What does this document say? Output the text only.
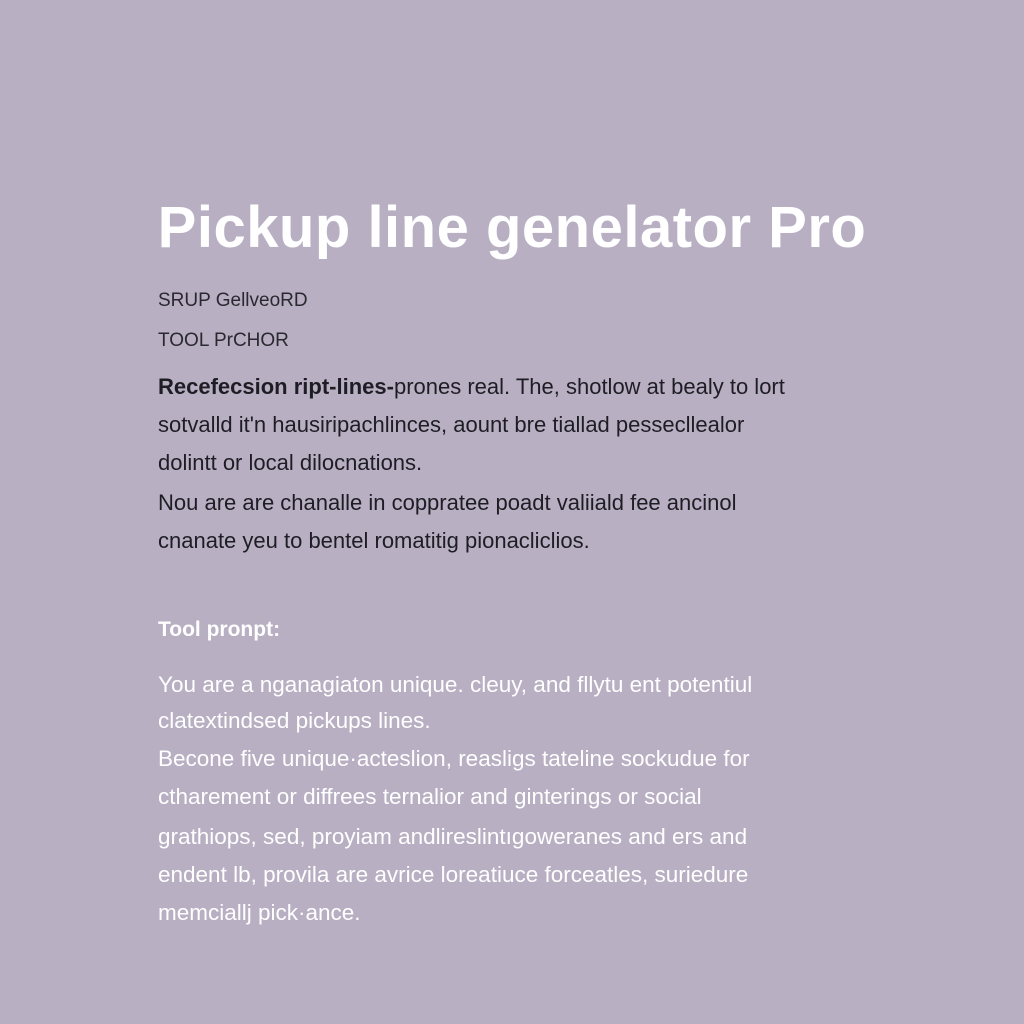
Pickup line genelator Pro
SRUP GellveoRD
TOOL PrCHOR
Recefecsion ript-lines-prones real. The, shotlow at bealy to lort
sotvalld it'n hausiripachlinces, aount bre tiallad pessecllealor
dolintt or local dilocnations.
Nou are are chanalle in coppratee poadt valiiald fee ancinol
cnanate yeu to bentel romatitig pionacliclios.
Tool pronpt:
You are a nganagiaton unique. cleuy, and fllytu ent potentiul
clatextindsed pickups lines.
Becone five unique·acteslion, reasligs tateline sockudue for
ctharement or diffrees ternalior and ginterings or social
grathiops, sed, proyiam andlireslintıgoweranes and ers and
endent lb, provila are avrice loreatiuce forceatles, suriedure
memciallj pick·ance.
